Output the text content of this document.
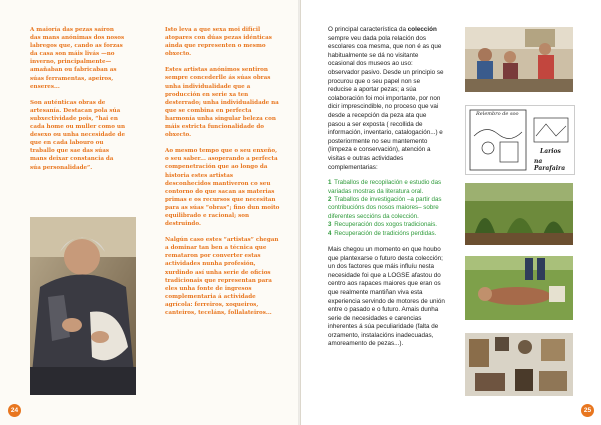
A maioría das pezas saíron das mans anónimas dos nosos labregos que, cando as forzas da casa son máis livás —no inverno, principalmente— amañaban ou fabricaban as súas ferramentas, apeiros, enseres...

Son auténticas obras de artesanía. Destacan pola súa subxectividade pois, “hai en cada home ou muller como un desexo ou unha necesidade de que en cada labouro ou traballo que sae das súas mans deixar constancia da súa personalidade”.

Isto leva a que sexa moi difícil atopares con dúas pezas idénticas ainda que representen o mesmo obxecto.

Estes artistas anónimos sentiron sempre concederlle ás súas obras unha individualidade que a producción en serie xa ten desterrado; unha individualidade na que se combina en perfecta harmonía unha singular beleza con máis estricta funcionalidade do obxecto.

Ao mesmo tempo que o seu enxeño, o seu saber... asoperando a perfecta compenetración que ao longo da historia estes artistas desconhecidos mantiveron co seu contorno do que sacan as materias primas e os recursos que necesitan para as súas “obras”; fino dun moito equilibrado e racional; son destruindo.

Nalgún caso estes “artistas” chegan a dominar tan ben a técnica que remataron por converter estas actividades nunha profesión, xurdindo así unha serie de oficios tradicionais que representan para eles unha fonte de ingresos complementaria á actividade agrícola: ferreiros, xoqueiros, canteiros, teceláns, follalateiros...

24

O principal característica da colección sempre veu dada pola relación dos escolares coa mesma, que non é as que habitualmente se dá no visitante ocasional dos museos ao uso: observador pasivo. Desde un principio se procurou que o seu papel non se reducise a aportar pezas; a súa colaboración foi moi importante, por non dicir imprescindible, no proceso que vai desde a recepción da peza ata que pasou a ser exposta ( recollida de información, inventario, catalogación...) e posteriormente no seu mantemento (limpeza e conservación), atención a visitas e outras actividades complementarias:

1 Traballos de recopilación e estudio das variadas mostras da literatura oral.
2 Traballos de investigación –a partir das contribucións dos nosos maiores– sobre diferentes seccións da colección.
3 Recuperación dos xogos tradicionais.
4 Recuperación de tradicións perdidas.

Mais chegou un momento en que houbo que plantexarse o futuro desta colección; un dos factores que máis influíu nesta necesidade foi que a LOGSE afastou do centro aos rapaces maiores que eran os que realmente mantiñan viva esta experiencia servindo de motores de unión entre o pasado e o futuro. Amais dunha serie de necesidades e carencias inherentes á súa peculiaridade (falta de orzamento, instalacións inadecuadas, amoreamento de pezas...).

Relembro de soo
Larios
na Parafaira
25
